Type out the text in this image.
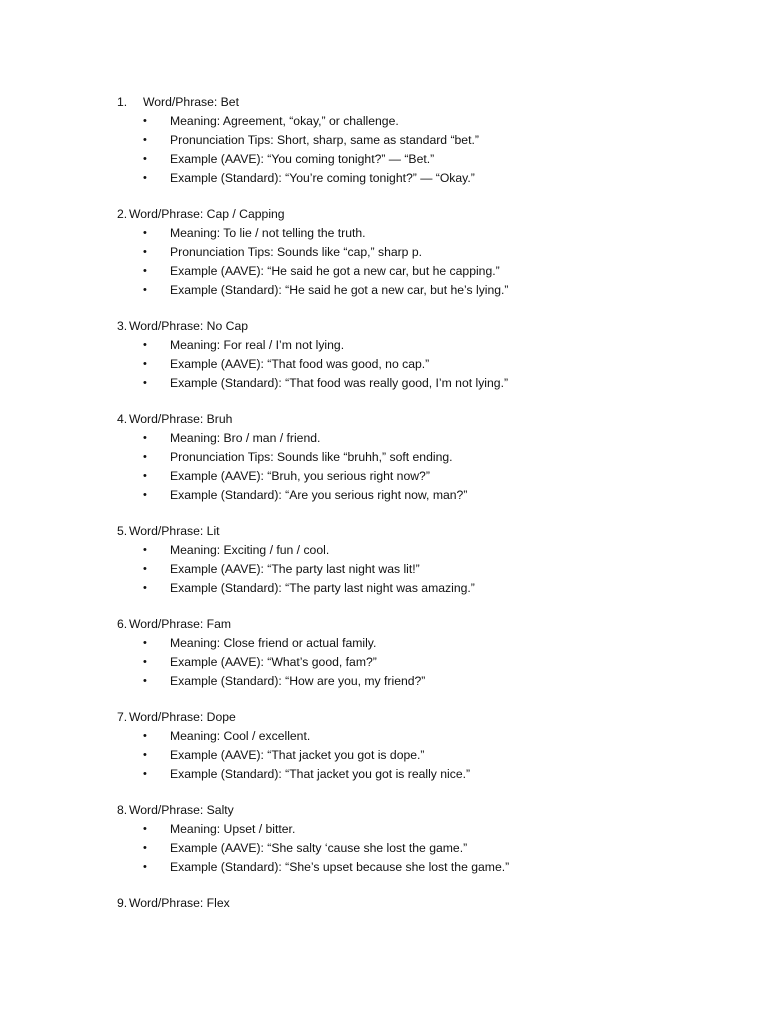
1. Word/Phrase: Bet
• Meaning: Agreement, “okay,” or challenge.
• Pronunciation Tips: Short, sharp, same as standard “bet.”
• Example (AAVE): “You coming tonight?” — “Bet.”
• Example (Standard): “You’re coming tonight?” — “Okay.”
2. Word/Phrase: Cap / Capping
• Meaning: To lie / not telling the truth.
• Pronunciation Tips: Sounds like “cap,” sharp p.
• Example (AAVE): “He said he got a new car, but he capping.”
• Example (Standard): “He said he got a new car, but he’s lying.”
3. Word/Phrase: No Cap
• Meaning: For real / I’m not lying.
• Example (AAVE): “That food was good, no cap.”
• Example (Standard): “That food was really good, I’m not lying.”
4. Word/Phrase: Bruh
• Meaning: Bro / man / friend.
• Pronunciation Tips: Sounds like “bruhh,” soft ending.
• Example (AAVE): “Bruh, you serious right now?”
• Example (Standard): “Are you serious right now, man?”
5. Word/Phrase: Lit
• Meaning: Exciting / fun / cool.
• Example (AAVE): “The party last night was lit!”
• Example (Standard): “The party last night was amazing.”
6. Word/Phrase: Fam
• Meaning: Close friend or actual family.
• Example (AAVE): “What’s good, fam?”
• Example (Standard): “How are you, my friend?”
7. Word/Phrase: Dope
• Meaning: Cool / excellent.
• Example (AAVE): “That jacket you got is dope.”
• Example (Standard): “That jacket you got is really nice.”
8. Word/Phrase: Salty
• Meaning: Upset / bitter.
• Example (AAVE): “She salty ‘cause she lost the game.”
• Example (Standard): “She’s upset because she lost the game.”
9. Word/Phrase: Flex
